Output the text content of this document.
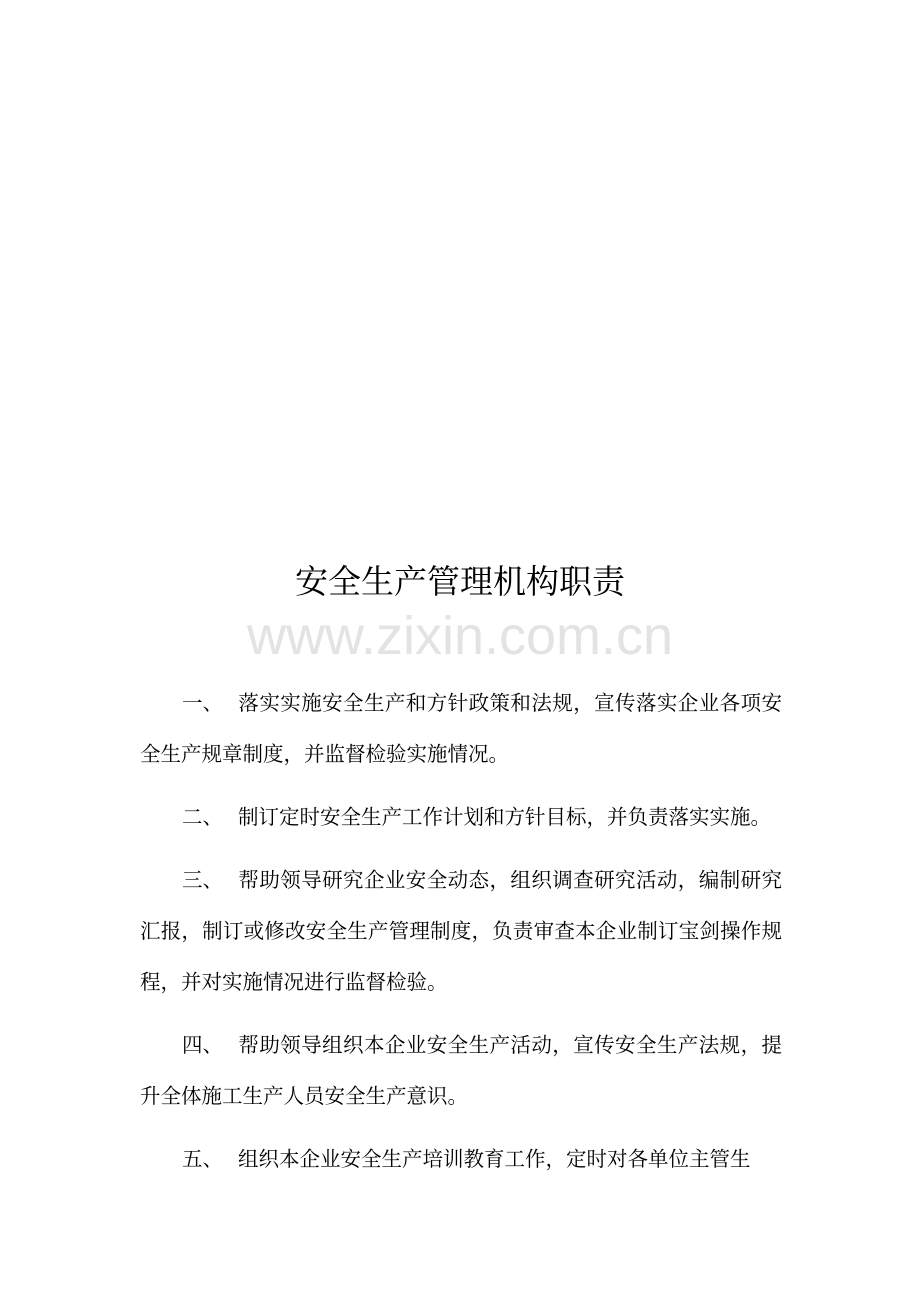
安全生产管理机构职责
www.zixin.com.cn

一、 落实实施安全生产和方针政策和法规，宣传落实企业各项安全生产规章制度，并监督检验实施情况。

二、 制订定时安全生产工作计划和方针目标，并负责落实实施。

三、 帮助领导研究企业安全动态，组织调查研究活动，编制研究汇报，制订或修改安全生产管理制度，负责审查本企业制订宝剑操作规程，并对实施情况进行监督检验。

四、 帮助领导组织本企业安全生产活动，宣传安全生产法规，提升全体施工生产人员安全生产意识。

五、 组织本企业安全生产培训教育工作，定时对各单位主管生
